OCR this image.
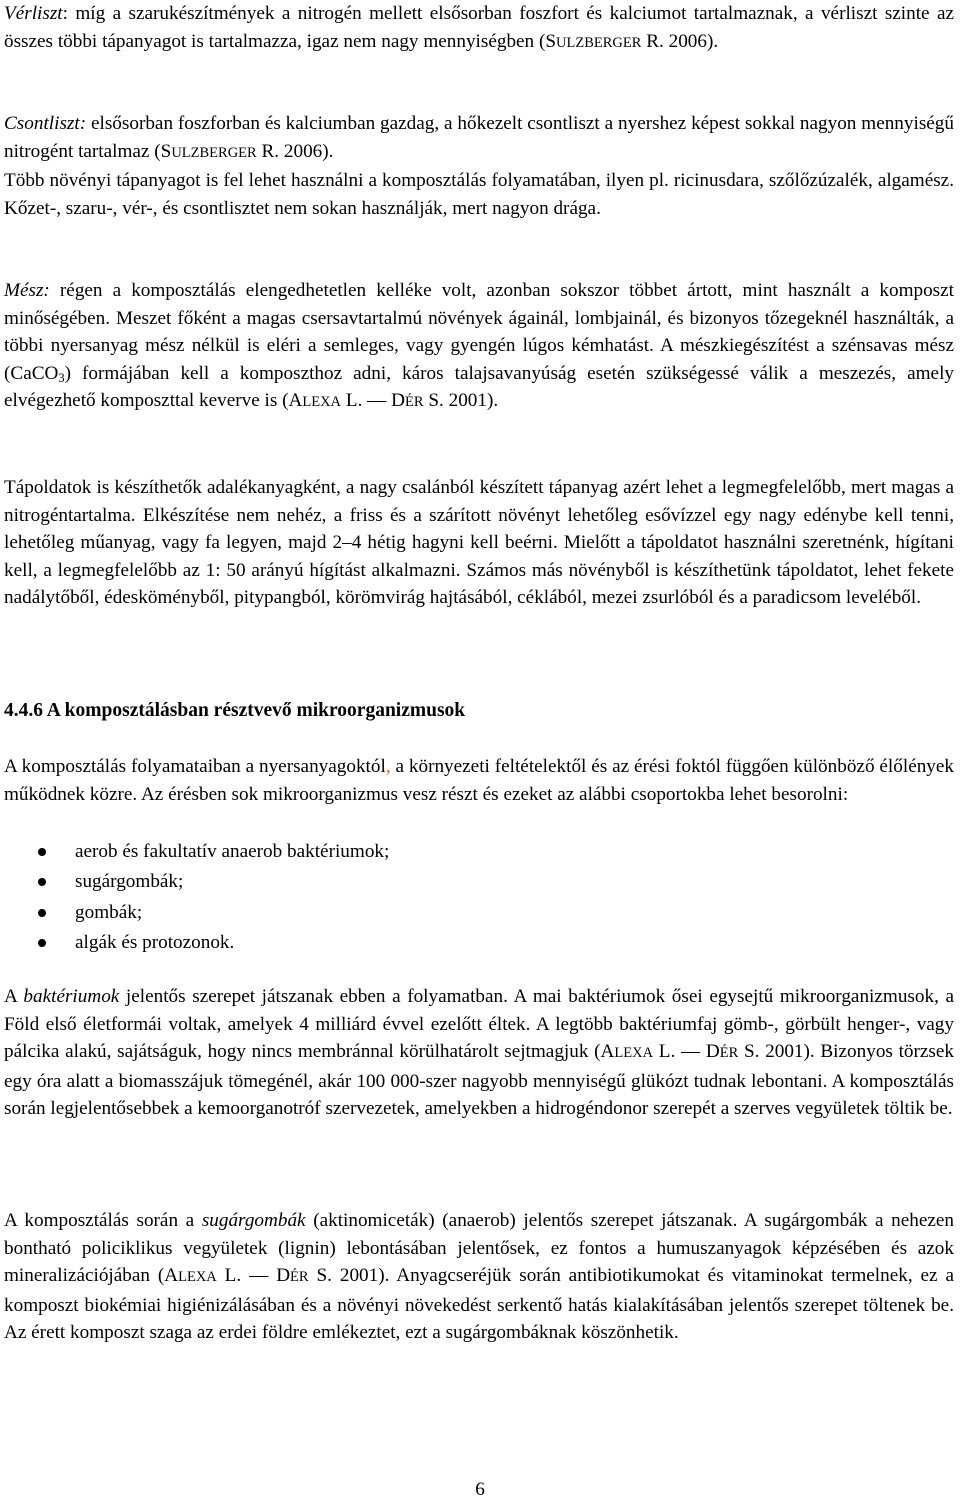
Vérliszt: míg a szarukészítmények a nitrogén mellett elsősorban foszfort és kalciumot tartalmaznak, a vérliszt szinte az összes többi tápanyagot is tartalmazza, igaz nem nagy mennyiségben (SULZBERGER R. 2006).

Csontliszt: elsősorban foszforban és kalciumban gazdag, a hőkezelt csontliszt a nyershez képest sokkal nagyon mennyiségű nitrogént tartalmaz (SULZBERGER R. 2006).
Több növényi tápanyagot is fel lehet használni a komposztálás folyamatában, ilyen pl. ricinusdara, szőlőzúzalék, algamész. Kőzet-, szaru-, vér-, és csontlisztet nem sokan használják, mert nagyon drága.

Mész: régen a komposztálás elengedhetetlen kelléke volt, azonban sokszor többet ártott, mint használt a komposzt minőségében. Meszet főként a magas csersavtartalmú növények ágainál, lombjainál, és bizonyos tőzegeknél használták, a többi nyersanyag mész nélkül is eléri a semleges, vagy gyengén lúgos kémhatást. A mészkiegészítést a szénsavas mész (CaCO$_3$) formájában kell a komposzthoz adni, káros talajsavanyúság esetén szükségessé válik a meszezés, amely elvégezhető komposzttal keverve is (ALEXA L. — DÉR S. 2001).

Tápoldatok is készíthetők adalékanyagként, a nagy csalánból készített tápanyag azért lehet a legmegfelelőbb, mert magas a nitrogéntartalma. Elkészítése nem nehéz, a friss és a szárított növényt lehetőleg esővízzel egy nagy edénybe kell tenni, lehetőleg műanyag, vagy fa legyen, majd 2–4 hétig hagyni kell beérni. Mielőtt a tápoldatot használni szeretnénk, hígítani kell, a legmegfelelőbb az 1: 50 arányú hígítást alkalmazni. Számos más növényből is készíthetünk tápoldatot, lehet fekete nadálytőből, édesköményből, pitypangból, körömvirág hajtásából, céklából, mezei zsurlóból és a paradicsom leveléből.

4.4.6 A komposztálásban résztvevő mikroorganizmusok

A komposztálás folyamataiban a nyersanyagoktól, a környezeti feltételektől és az érési foktól függően különböző élőlények működnek közre. Az érésben sok mikroorganizmus vesz részt és ezeket az alábbi csoportokba lehet besorolni:

aerob és fakultatív anaerob baktériumok;
sugárgombák;
gombák;
algák és protozonok.

A baktériumok jelentős szerepet játszanak ebben a folyamatban. A mai baktériumok ősei egysejtű mikroorganizmusok, a Föld első életformái voltak, amelyek 4 milliárd évvel ezelőtt éltek. A legtöbb baktériumfaj gömb-, görbült henger-, vagy pálcika alakú, sajátságuk, hogy nincs membránnal körülhatárolt sejtmagjuk (ALEXA L. — DÉR S. 2001). Bizonyos törzsek egy óra alatt a biomasszájuk tömegénél, akár 100 000-szer nagyobb mennyiségű glükózt tudnak lebontani. A komposztálás során legjelentősebbek a kemoorganotróf szervezetek, amelyekben a hidrogéndonor szerepét a szerves vegyületek töltik be.

A komposztálás során a sugárgombák (aktinomiceták) (anaerob) jelentős szerepet játszanak. A sugárgombák a nehezen bontható policiklikus vegyületek (lignin) lebontásában jelentősek, ez fontos a humuszanyagok képzésében és azok mineralizációjában (ALEXA L. — DÉR S. 2001). Anyagcseréjük során antibiotikumokat és vitaminokat termelnek, ez a komposzt biokémiai higiénizálásában és a növényi növekedést serkentő hatás kialakításában jelentős szerepet töltenek be. Az érett komposzt szaga az erdei földre emlékeztet, ezt a sugárgombáknak köszönhetik.

6
